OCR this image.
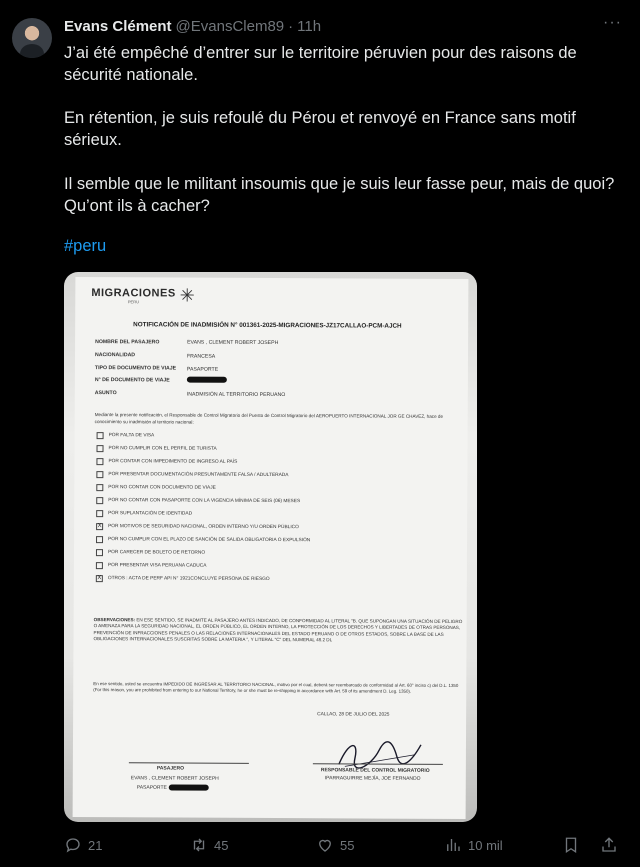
Evans Clément @EvansClem89 · 11h	···
J’ai été empêché d’entrer sur le territoire péruvien pour des raisons de sécurité nationale.
En rétention, je suis refoulé du Pérou et renvoyé en France sans motif sérieux.
Il semble que le militant insoumis que je suis leur fasse peur, mais de quoi? Qu’ont ils à cacher?
#peru
MIGRACIONES
PERU	✳
NOTIFICACIÓN DE INADMISIÓN N° 001361-2025-MIGRACIONES-JZ17CALLAO-PCM-AJCH
NOMBRE DEL PASAJERO	EVANS , CLEMENT ROBERT JOSEPH
NACIONALIDAD	FRANCESA
TIPO DE DOCUMENTO DE VIAJE PASAPORTE
N° DE DOCUMENTO DE VIAJE
ASUNTO	INADMISIÓN AL TERRITORIO PERUANO
Mediante la presente notificación, el Responsable de Control Migratorio del Puesto de Control Migratorio del AEROPUERTO INTERNACIONAL JOR GE CHAVEZ, hace de conocimiento su inadmisión al territorio nacional:
POR FALTA DE VISA
POR NO CUMPLIR CON EL PERFIL DE TURISTA
POR CONTAR CON IMPEDIMENTO DE INGRESO AL PAÍS
POR PRESENTAR DOCUMENTACIÓN PRESUNTAMENTE FALSA / ADULTERADA
POR NO CONTAR CON DOCUMENTO DE VIAJE
POR NO CONTAR CON PASAPORTE CON LA VIGENCIA MÍNIMA DE SEIS (06) MESES
POR SUPLANTACIÓN DE IDENTIDAD
X	POR MOTIVOS DE SEGURIDAD NACIONAL, ORDEN INTERNO Y/U ORDEN PÚBLICO
POR NO CUMPLIR CON EL PLAZO DE SANCIÓN DE SALIDA OBLIGATORIA O EXPULSIÓN
POR CARECER DE BOLETO DE RETORNO
POR PRESENTAR VISA PERUANA CADUCA
X	OTROS : ACTA DE PERF API N° 1921CONCLUYE PERSONA DE RIESGO
OBSERVACIONES: EN ESE SENTIDO, SE INADMITE AL PASAJERO ANTES INDICADO, DE CONFORMIDAD AL LITERAL "B. QUE SUPONGAN UNA SITUACIÓN DE PELIGRO O AMENAZA PARA LA SEGURIDAD NACIONAL, EL ORDEN PÚBLICO, EL ORDEN INTERNO, LA PROTECCIÓN DE LOS DERECHOS Y LIBERTADES DE OTRAS PERSONAS, PREVENCIÓN DE INFRACCIONES PENALES O LAS RELACIONES INTERNACIONALES DEL ESTADO PERUANO O DE OTROS ESTADOS, SOBRE LA BASE DE LAS OBLIGACIONES INTERNACIONALES SUSCRITAS SOBRE LA MATERIA ", Y LITERAL "C" DEL NUMERAL 48.2 DL
En ese sentido, usted se encuentra IMPEDIDO DE INGRESAR AL TERRITORIO NACIONAL, motivo por el cual, deberá ser reembarcado de conformidad al Art. 60° inciso c) del D.L. 1350 (For this reason, you are prohibited from entering to our National Territory, he or she must be re-shipping in accordance with Art. 59 of its amendment D. Leg. 1350).
CALLAO, 28 DE JULIO DEL 2025
PASAJERO
EVANS , CLEMENT ROBERT JOSEPH
PASAPORTE
RESPONSABLE DEL CONTROL MIGRATORIO
IPARRAGUIRRE MEJÍA, JOE FERNANDO
21	45	55	10 mil
